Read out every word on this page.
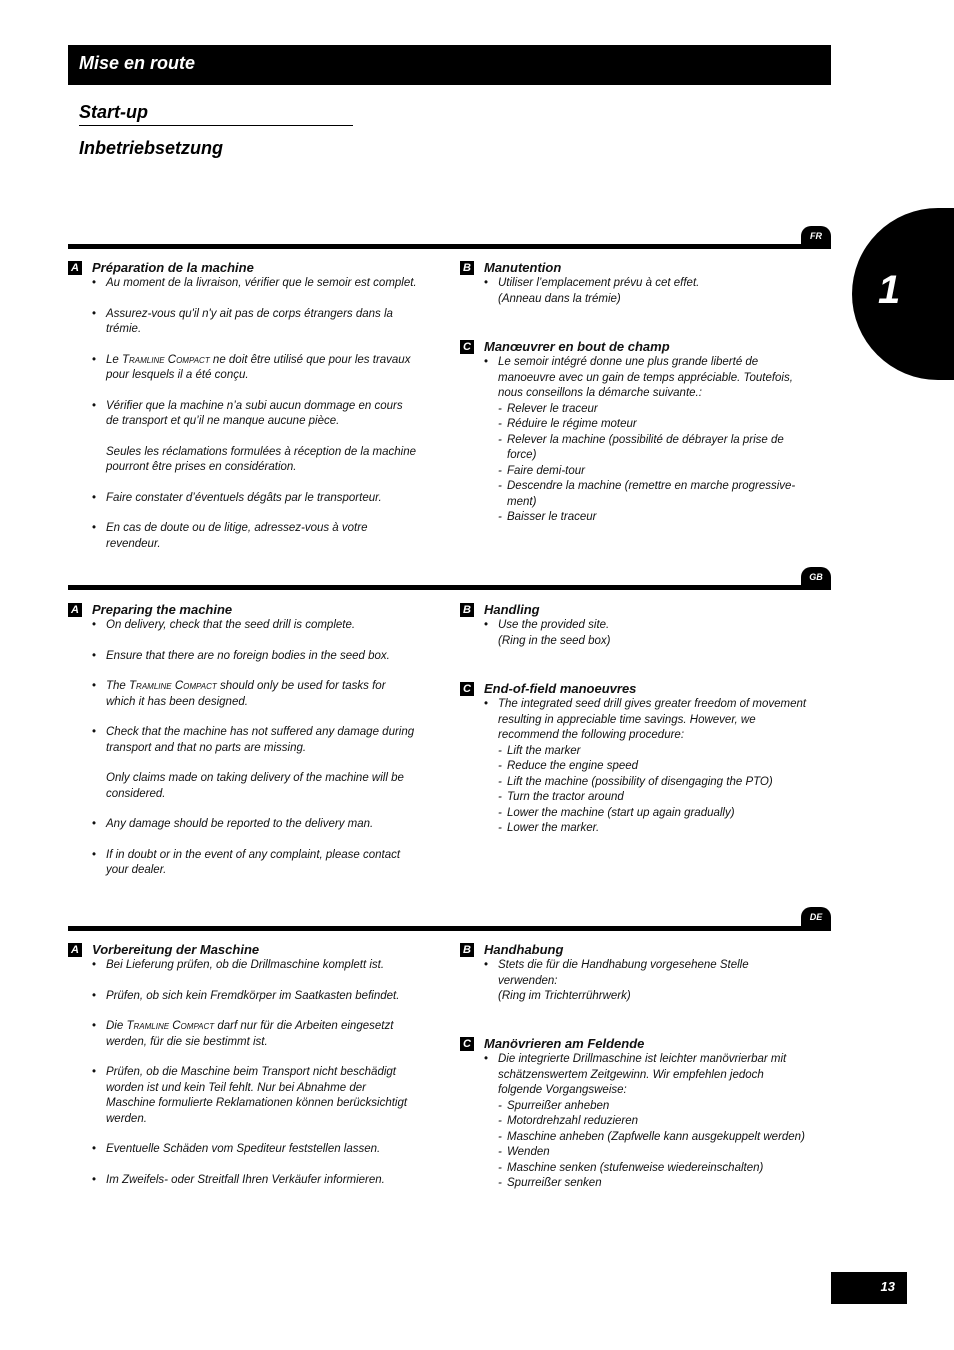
Mise en route
Start-up
Inbetriebsetzung
1
FR
A Préparation de la machine
• Au moment de la livraison, vérifier que le semoir est complet.
• Assurez-vous qu'il n'y ait pas de corps étrangers dans la trémie.
• Le Tramline Compact ne doit être utilisé que pour les travaux pour lesquels il a été conçu.
• Vérifier que la machine n’a subi aucun dommage en cours de transport et qu’il ne manque aucune pièce.
Seules les réclamations formulées à réception de la machine pourront être prises en considération.
• Faire constater d’éventuels dégâts par le transporteur.
• En cas de doute ou de litige, adressez-vous à votre revendeur.
B Manutention
• Utiliser l’emplacement prévu à cet effet.
(Anneau dans la trémie)
C Manœuvrer en bout de champ
• Le semoir intégré donne une plus grande liberté de manoeuvre avec un gain de temps appréciable. Toutefois, nous conseillons la démarche suivante.:
- Relever le traceur
- Réduire le régime moteur
- Relever la machine (possibilité de débrayer la prise de force)
- Faire demi-tour
- Descendre la machine (remettre en marche progressive-ment)
- Baisser le traceur
GB
A Preparing the machine
• On delivery, check that the seed drill is complete.
• Ensure that there are no foreign bodies in the seed box.
• The Tramline Compact should only be used for tasks for which it has been designed.
• Check that the machine has not suffered any damage during transport and that no parts are missing.
Only claims made on taking delivery of the machine will be considered.
• Any damage should be reported to the delivery man.
• If in doubt or in the event of any complaint, please contact your dealer.
B Handling
• Use the provided site.
(Ring in the seed box)
C End-of-field manoeuvres
• The integrated seed drill gives greater freedom of movement resulting in appreciable time savings. However, we recommend the following procedure:
- Lift the marker
- Reduce the engine speed
- Lift the machine (possibility of disengaging the PTO)
- Turn the tractor around
- Lower the machine (start up again gradually)
- Lower the marker.
DE
A Vorbereitung der Maschine
• Bei Lieferung prüfen, ob die Drillmaschine komplett ist.
• Prüfen, ob sich kein Fremdkörper im Saatkasten befindet.
• Die Tramline Compact darf nur für die Arbeiten eingesetzt werden, für die sie bestimmt ist.
• Prüfen, ob die Maschine beim Transport nicht beschädigt worden ist und kein Teil fehlt. Nur bei Abnahme der Maschine formulierte Reklamationen können berücksichtigt werden.
• Eventuelle Schäden vom Spediteur feststellen lassen.
• Im Zweifels- oder Streitfall Ihren Verkäufer informieren.
B Handhabung
• Stets die für die Handhabung vorgesehene Stelle verwenden:
(Ring im Trichterrührwerk)
C Manövrieren am Feldende
• Die integrierte Drillmaschine ist leichter manövrierbar mit schätzenswertem Zeitgewinn. Wir empfehlen jedoch folgende Vorgangsweise:
- Spurreißer anheben
- Motordrehzahl reduzieren
- Maschine anheben (Zapfwelle kann ausgekuppelt werden)
- Wenden
- Maschine senken (stufenweise wiedereinschalten)
- Spurreißer senken
13
